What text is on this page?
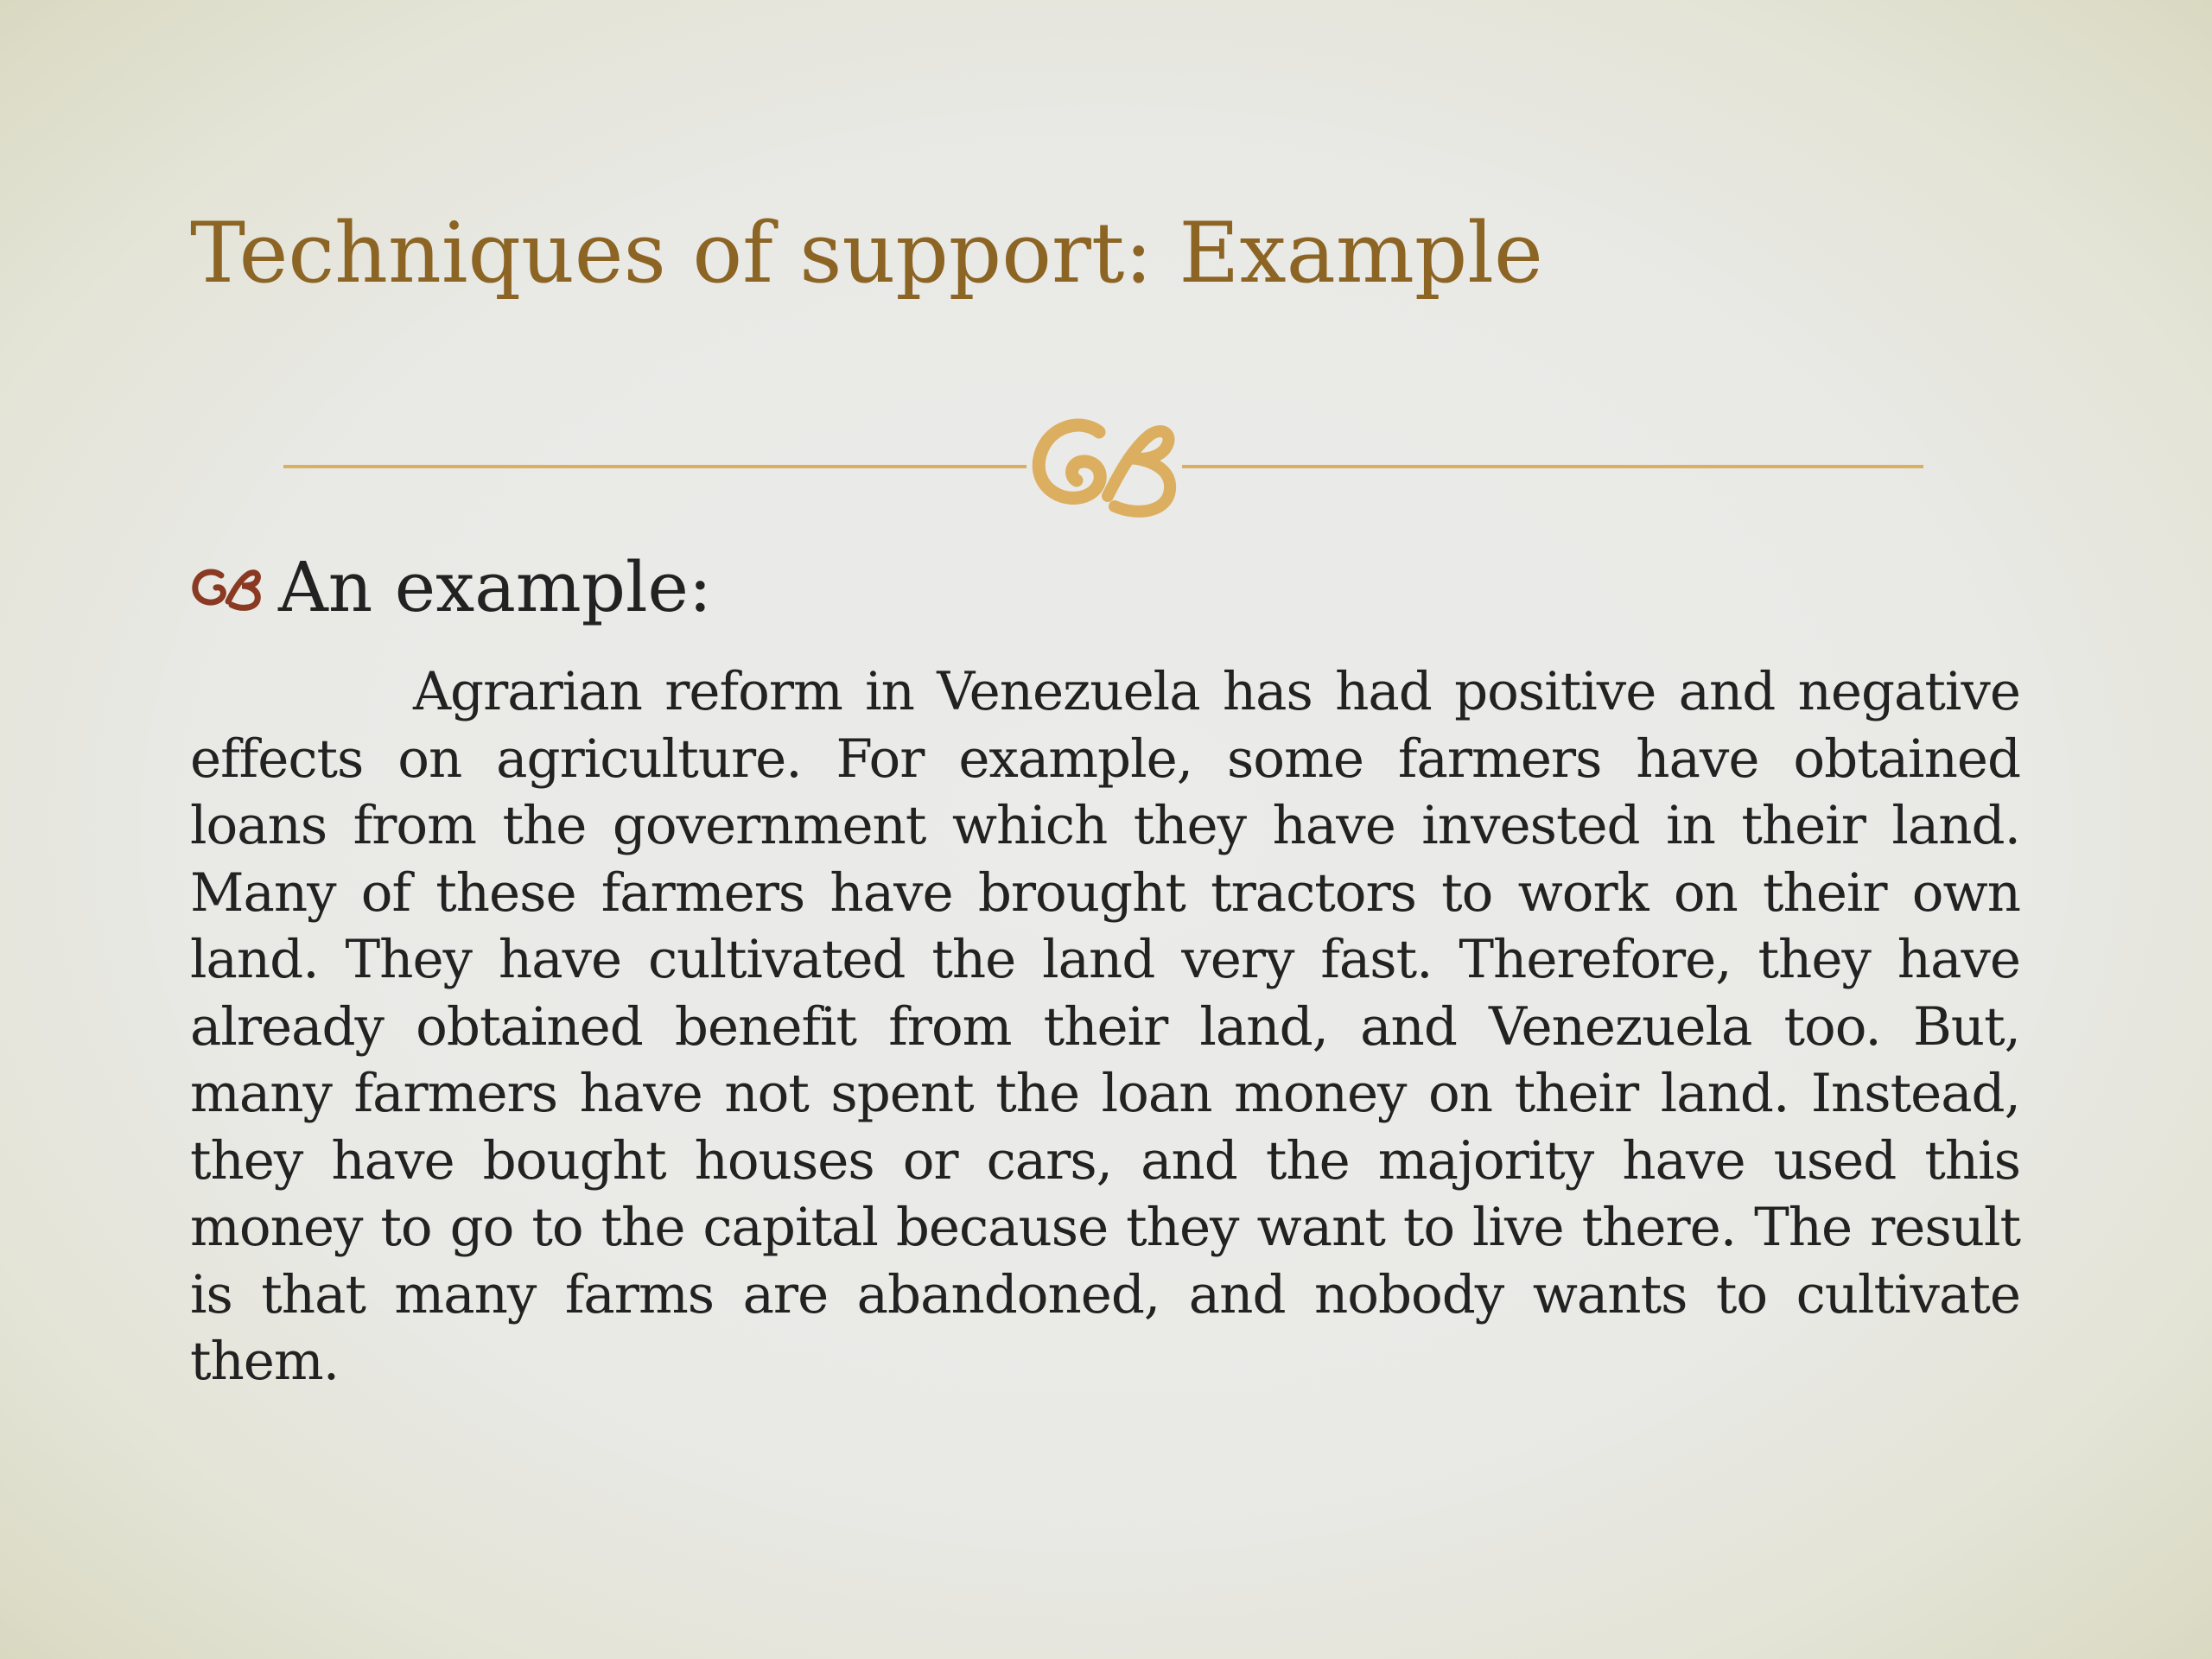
Techniques of support: Example
An example:

Agrarian reform in Venezuela has had positive and negative effects on agriculture. For example, some farmers have obtained loans from the government which they have invested in their land. Many of these farmers have brought tractors to work on their own land. They have cultivated the land very fast. Therefore, they have already obtained benefit from their land, and Venezuela too. But, many farmers have not spent the loan money on their land. Instead, they have bought houses or cars, and the majority have used this money to go to the capital because they want to live there. The result is that many farms are abandoned, and nobody wants to cultivate them.
